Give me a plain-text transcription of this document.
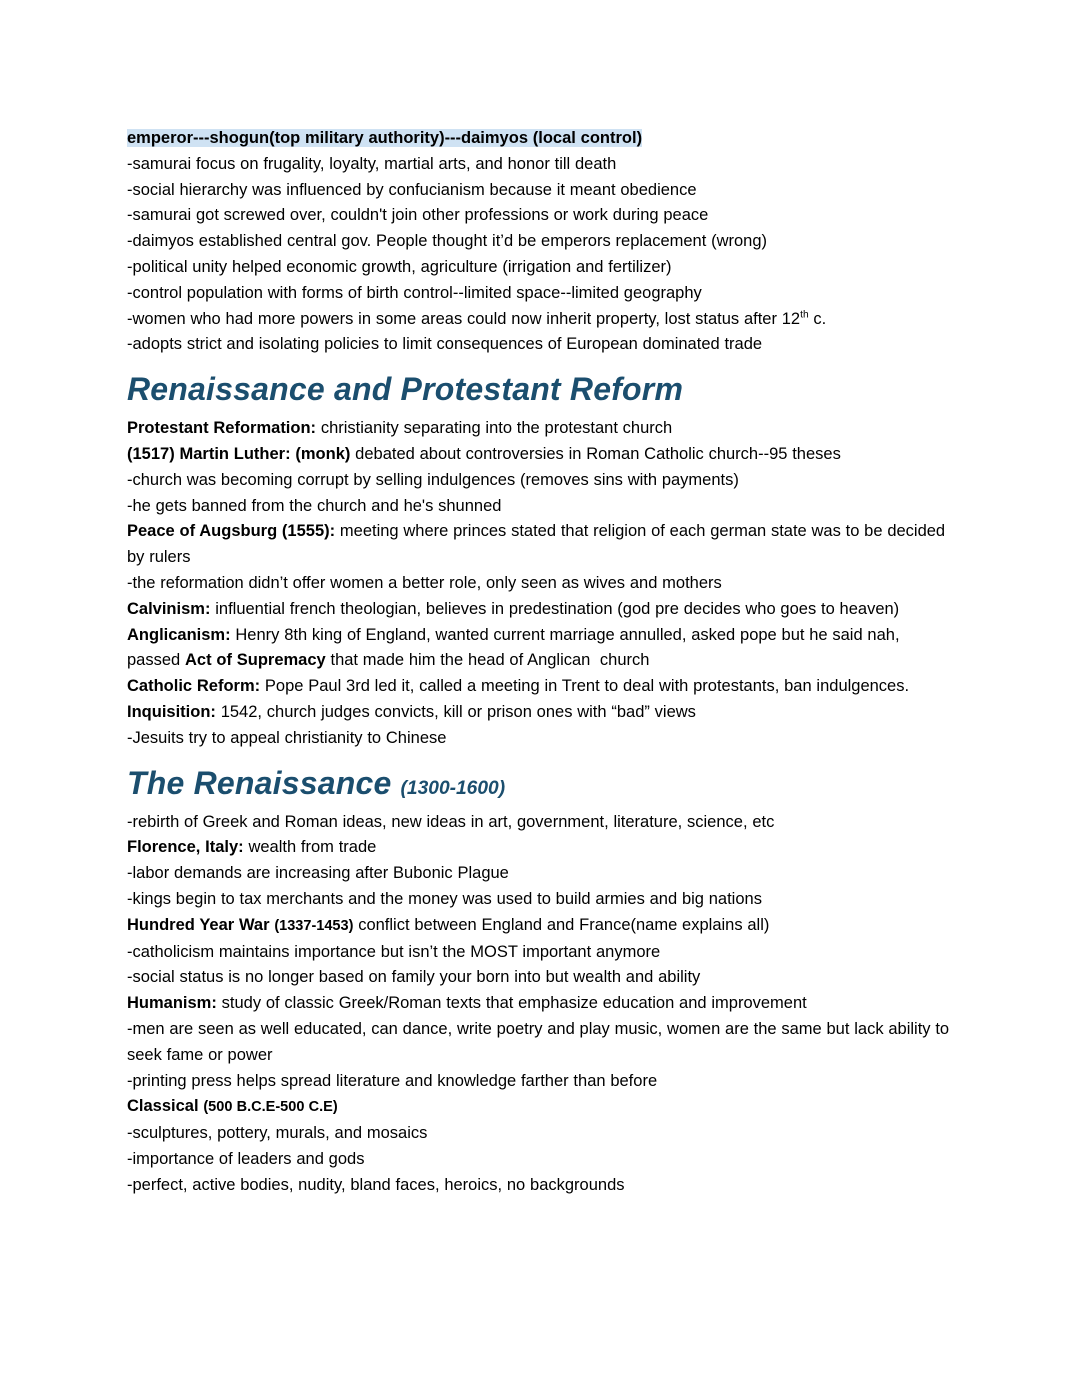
emperor---shogun(top military authority)---daimyos (local control)

-samurai focus on frugality, loyalty, martial arts, and honor till death

-social hierarchy was influenced by confucianism because it meant obedience

-samurai got screwed over, couldn't join other professions or work during peace

-daimyos established central gov. People thought it’d be emperors replacement (wrong)

-political unity helped economic growth, agriculture (irrigation and fertilizer)

-control population with forms of birth control--limited space--limited geography

-women who had more powers in some areas could now inherit property, lost status after 12th c.

-adopts strict and isolating policies to limit consequences of European dominated trade

Renaissance and Protestant Reform

Protestant Reformation: christianity separating into the protestant church

(1517) Martin Luther: (monk) debated about controversies in Roman Catholic church--95 theses

-church was becoming corrupt by selling indulgences (removes sins with payments)

-he gets banned from the church and he's shunned

Peace of Augsburg (1555): meeting where princes stated that religion of each german state was to be decided by rulers

-the reformation didn’t offer women a better role, only seen as wives and mothers

Calvinism: influential french theologian, believes in predestination (god pre decides who goes to heaven)

Anglicanism: Henry 8th king of England, wanted current marriage annulled, asked pope but he said nah, passed Act of Supremacy that made him the head of Anglican  church

Catholic Reform: Pope Paul 3rd led it, called a meeting in Trent to deal with protestants, ban indulgences.

Inquisition: 1542, church judges convicts, kill or prison ones with “bad” views

-Jesuits try to appeal christianity to Chinese

The Renaissance (1300-1600)

-rebirth of Greek and Roman ideas, new ideas in art, government, literature, science, etc

Florence, Italy: wealth from trade

-labor demands are increasing after Bubonic Plague

-kings begin to tax merchants and the money was used to build armies and big nations

Hundred Year War (1337-1453) conflict between England and France(name explains all)

-catholicism maintains importance but isn’t the MOST important anymore

-social status is no longer based on family your born into but wealth and ability

Humanism: study of classic Greek/Roman texts that emphasize education and improvement

-men are seen as well educated, can dance, write poetry and play music, women are the same but lack ability to seek fame or power

-printing press helps spread literature and knowledge farther than before

Classical (500 B.C.E-500 C.E)

-sculptures, pottery, murals, and mosaics

-importance of leaders and gods

-perfect, active bodies, nudity, bland faces, heroics, no backgrounds
